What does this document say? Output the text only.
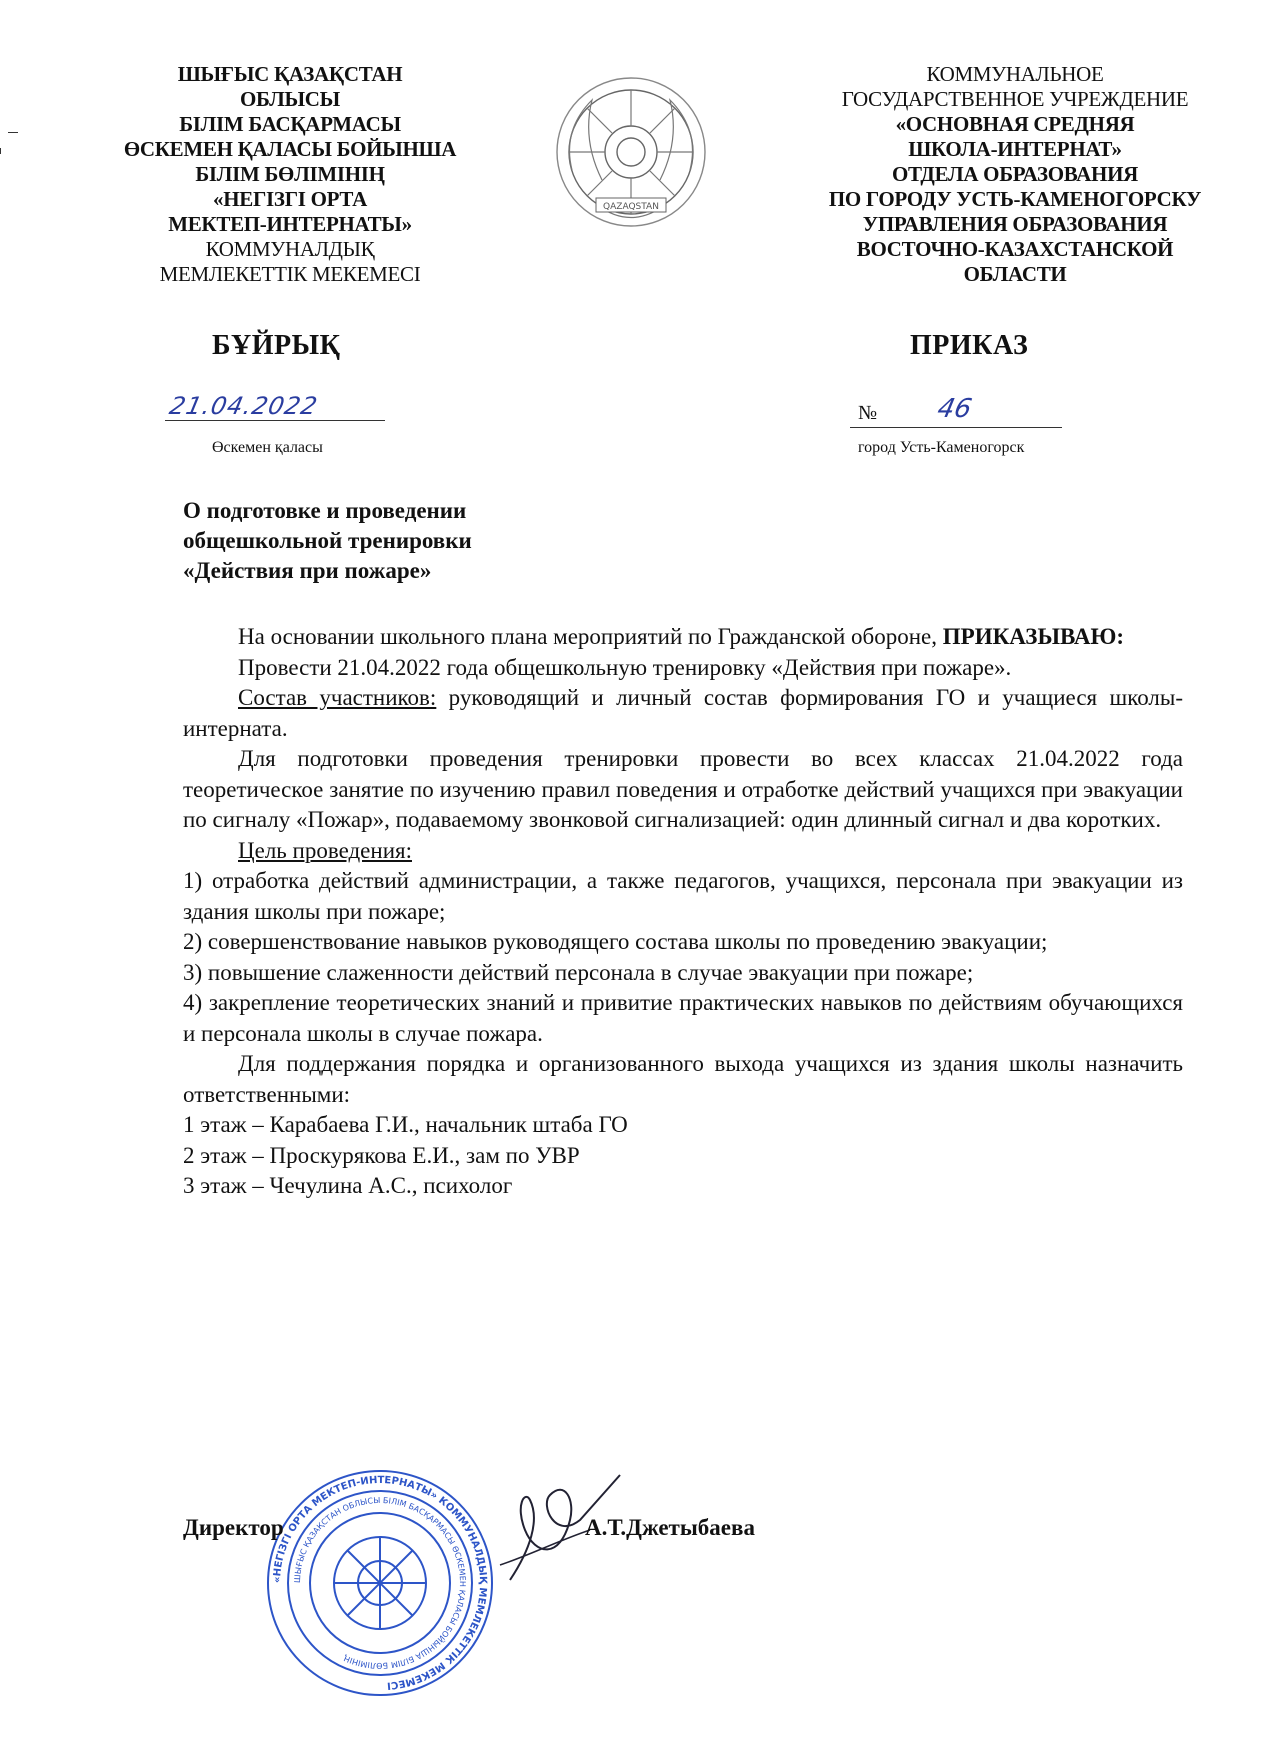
ШЫҒЫС ҚАЗАҚСТАН
ОБЛЫСЫ
БІЛІМ БАСҚАРМАСЫ
ӨСКЕМЕН ҚАЛАСЫ БОЙЫНША
БІЛІМ БӨЛІМІНІҢ
«НЕГІЗГІ ОРТА
МЕКТЕП-ИНТЕРНАТЫ»
КОММУНАЛДЫҚ
МЕМЛЕКЕТТІК МЕКЕМЕСІ
QAZAQSTAN
КОММУНАЛЬНОЕ
ГОСУДАРСТВЕННОЕ УЧРЕЖДЕНИЕ
«ОСНОВНАЯ СРЕДНЯЯ
ШКОЛА-ИНТЕРНАТ»
ОТДЕЛА ОБРАЗОВАНИЯ
ПО ГОРОДУ УСТЬ-КАМЕНОГОРСКУ
УПРАВЛЕНИЯ ОБРАЗОВАНИЯ
ВОСТОЧНО-КАЗАХСТАНСКОЙ
ОБЛАСТИ
БҰЙРЫҚ	ПРИКАЗ
21.04.2022
Өскемен қаласы
№ 46
город Усть-Каменогорск
О подготовке и проведении
общешкольной тренировки
«Действия при пожаре»

На основании школьного плана мероприятий по Гражданской обороне, ПРИКАЗЫВАЮ:

Провести 21.04.2022 года общешкольную тренировку «Действия при пожаре».

Состав участников: руководящий и личный состав формирования ГО и учащиеся школы-интерната.

Для подготовки проведения тренировки провести во всех классах 21.04.2022 года теоретическое занятие по изучению правил поведения и отработке действий учащихся при эвакуации по сигналу «Пожар», подаваемому звонковой сигнализацией: один длинный сигнал и два коротких.

Цель проведения:

1) отработка действий администрации, а также педагогов, учащихся, персонала при эвакуации из здания школы при пожаре;

2) совершенствование навыков руководящего состава школы по проведению эвакуации;

3) повышение слаженности действий персонала в случае эвакуации при пожаре;

4) закрепление теоретических знаний и привитие практических навыков по действиям обучающихся и персонала школы в случае пожара.

Для поддержания порядка и организованного выхода учащихся из здания школы назначить ответственными:

1 этаж – Карабаева Г.И., начальник штаба ГО

2 этаж – Проскурякова Е.И., зам по УВР

3 этаж – Чечулина А.С., психолог

«НЕГІЗГІ ОРТА МЕКТЕП-ИНТЕРНАТЫ» КОММУНАЛДЫҚ МЕМЛЕКЕТТІК МЕКЕМЕСІ
ШЫҒЫС ҚАЗАҚСТАН ОБЛЫСЫ БІЛІМ БАСҚАРМАСЫ ӨСКЕМЕН ҚАЛАСЫ БОЙЫНША БІЛІМ БӨЛІМІНІҢ
Директор	А.Т.Джетыбаева
